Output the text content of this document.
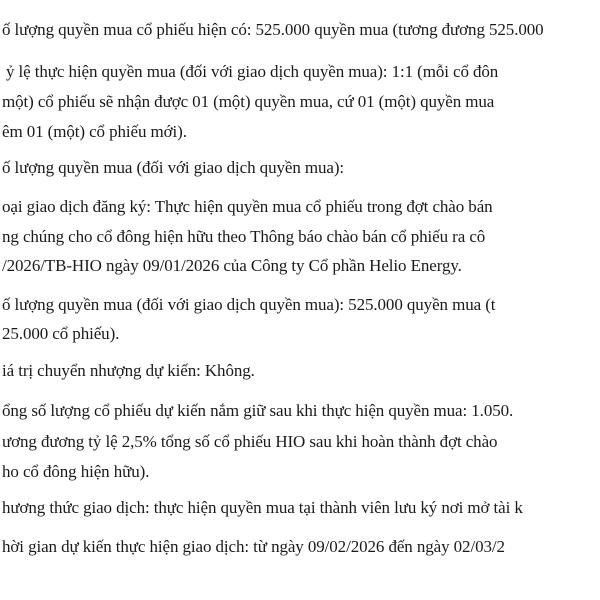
ố lượng quyền mua cổ phiếu hiện có: 525.000 quyền mua (tương đương 525.000
ỷ lệ thực hiện quyền mua (đối với giao dịch quyền mua): 1:1 (mỗi cổ đôn
một) cổ phiếu sẽ nhận được 01 (một) quyền mua, cứ 01 (một) quyền mua
êm 01 (một) cổ phiếu mới).
ố lượng quyền mua (đối với giao dịch quyền mua):
oại giao dịch đăng ký: Thực hiện quyền mua cổ phiếu trong đợt chào bán
ng chúng cho cổ đông hiện hữu theo Thông báo chào bán cổ phiếu ra cô
/2026/TB-HIO ngày 09/01/2026 của Công ty Cổ phần Helio Energy.
ố lượng quyền mua (đối với giao dịch quyền mua): 525.000 quyền mua (t
25.000 cổ phiếu).
iá trị chuyển nhượng dự kiến: Không.
ổng số lượng cổ phiếu dự kiến nắm giữ sau khi thực hiện quyền mua: 1.050.
ương đương tỷ lệ 2,5% tổng số cổ phiếu HIO sau khi hoàn thành đợt chào
ho cổ đông hiện hữu).
hương thức giao dịch: thực hiện quyền mua tại thành viên lưu ký nơi mở tài k
hời gian dự kiến thực hiện giao dịch: từ ngày 09/02/2026 đến ngày 02/03/2
